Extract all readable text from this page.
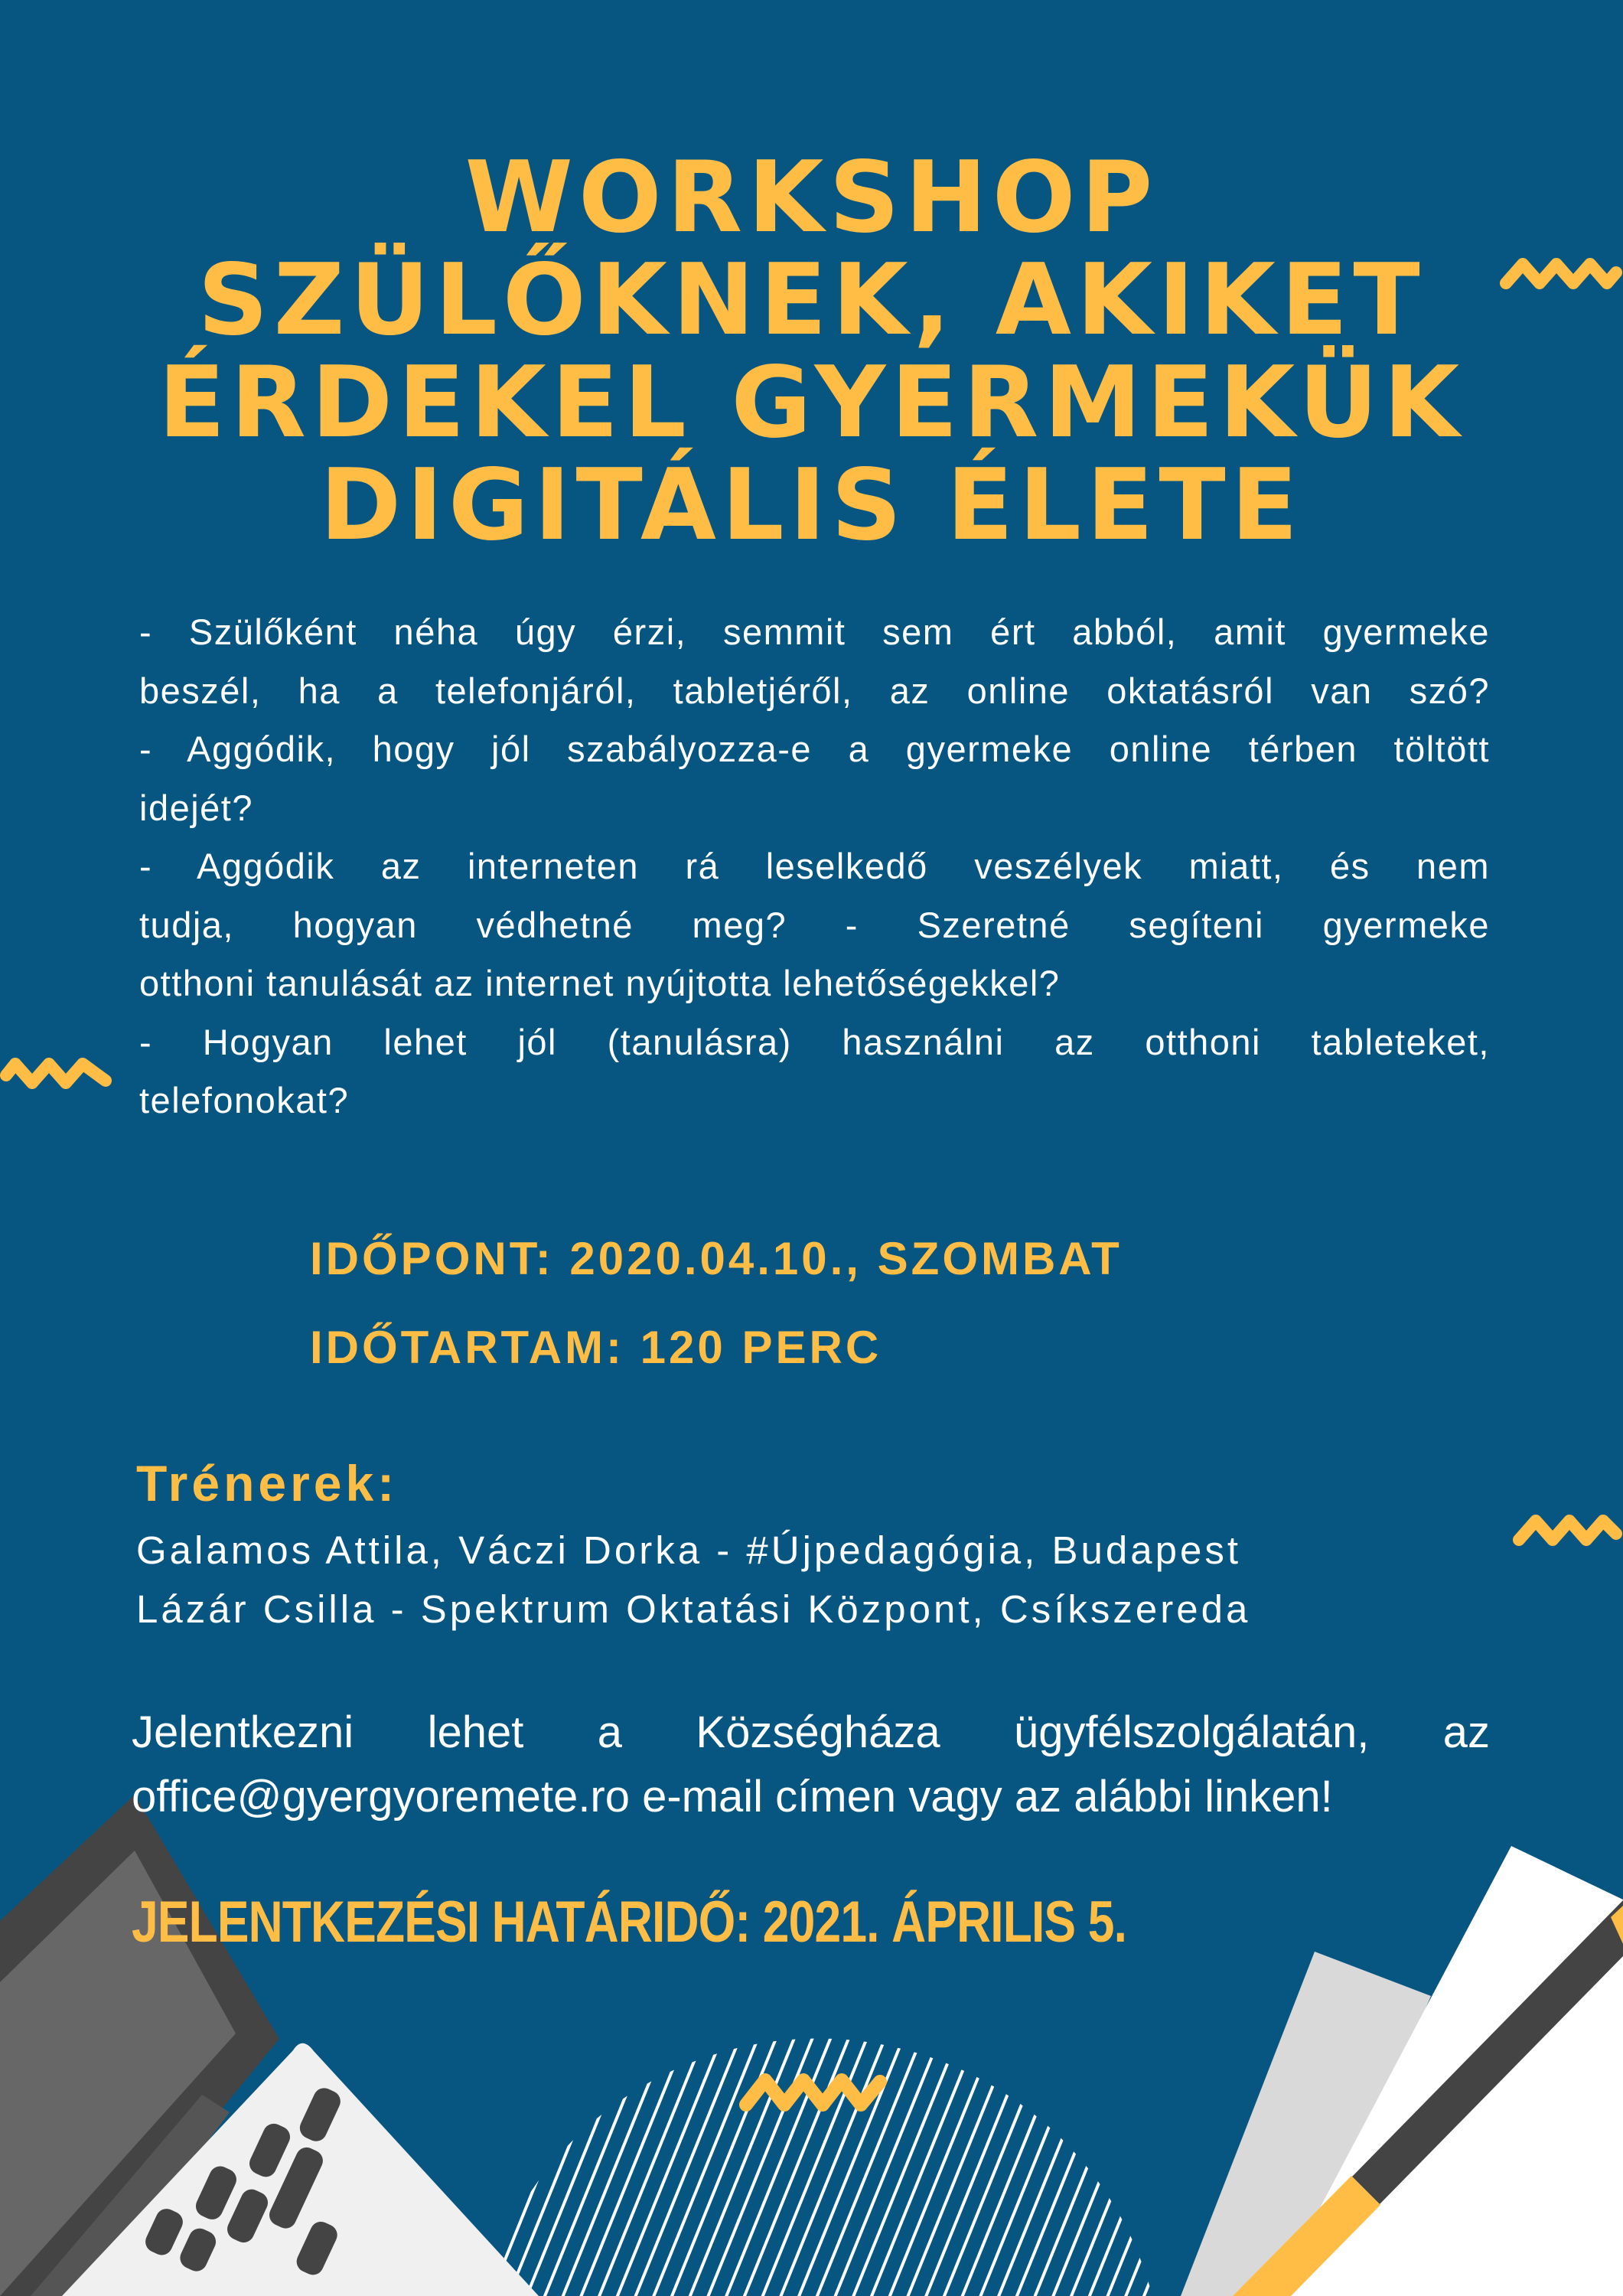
WORKSHOP
SZÜLŐKNEK, AKIKET
ÉRDEKEL GYERMEKÜK
DIGITÁLIS ÉLETE
- Szülőként néha úgy érzi, semmit sem ért abból, amit gyermeke
beszél, ha a telefonjáról, tabletjéről, az online oktatásról van szó?
- Aggódik, hogy jól szabályozza-e a gyermeke online térben töltött
idejét?
- Aggódik az interneten rá leselkedő veszélyek miatt, és nem
tudja, hogyan védhetné meg? - Szeretné segíteni gyermeke
otthoni tanulását az internet nyújtotta lehetőségekkel?
- Hogyan lehet jól (tanulásra) használni az otthoni tableteket,
telefonokat?
IDŐPONT: 2020.04.10., SZOMBAT
IDŐTARTAM: 120 PERC
Trénerek:
Galamos Attila, Váczi Dorka - #Újpedagógia, Budapest
Lázár Csilla - Spektrum Oktatási Központ, Csíkszereda
Jelentkezni lehet a Községháza ügyfélszolgálatán, az
office@gyergyoremete.ro e-mail címen vagy az alábbi linken!
JELENTKEZÉSI HATÁRIDŐ: 2021. ÁPRILIS 5.
